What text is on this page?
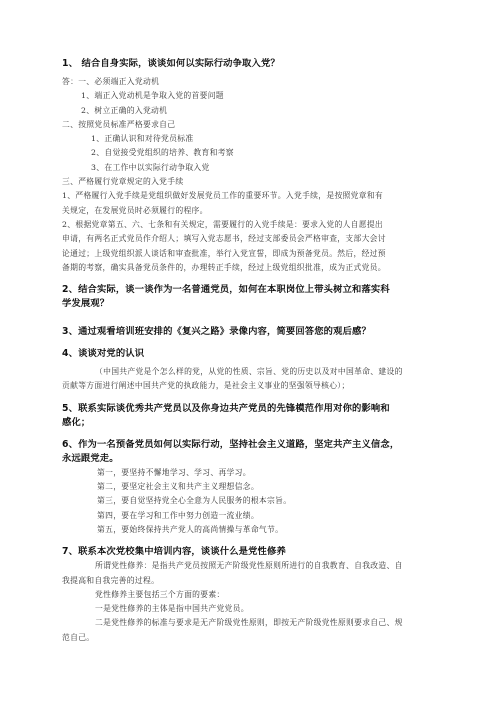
1、 结合自身实际，谈谈如何以实际行动争取入党？

答：一、必须端正入党动机

1、端正入党动机是争取入党的首要问题

2、树立正确的入党动机

二、按照党员标准严格要求自己

1、正确认识和对待党员标准

2、自觉接受党组织的培养、教育和考察

3、在工作中以实际行动争取入党

三、严格履行党章规定的入党手续

1、严格履行入党手续是党组织做好发展党员工作的重要环节。入党手续，是按照党章和有

关规定，在发展党员时必须履行的程序。

2、根据党章第五、六、七条和有关规定，需要履行的入党手续是：要求入党的人自愿提出

申请，有两名正式党员作介绍人；填写入党志愿书，经过支部委员会严格审查，支部大会讨

论通过；上级党组织派人谈话和审查批准，举行入党宣誓，即成为预备党员。然后，经过预

备期的考察，确实具备党员条件的，办理转正手续，经过上级党组织批准，成为正式党员。

2、结合实际，谈一谈作为一名普通党员，如何在本职岗位上带头树立和落实科

学发展观？

3、通过观看培训班安排的《复兴之路》录像内容，简要回答您的观后感？

4、谈谈对党的认识

（中国共产党是个怎么样的党，从党的性质、宗旨、党的历史以及对中国革命、建设的

贡献等方面进行阐述中国共产党的执政能力，是社会主义事业的坚强领导核心）；

5、联系实际谈优秀共产党员以及你身边共产党员的先锋模范作用对你的影响和

感化；

6、作为一名预备党员如何以实际行动，坚持社会主义道路，坚定共产主义信念，

永远跟党走。

第一，要坚持不懈地学习、学习、再学习。

第二，要坚定社会主义和共产主义理想信念。

第三，要自觉坚持党全心全意为人民服务的根本宗旨。

第四，要在学习和工作中努力创造一流业绩。

第五，要始终保持共产党人的高尚情操与革命气节。

7、联系本次党校集中培训内容，谈谈什么是党性修养

所谓党性修养：是指共产党员按照无产阶级党性原则所进行的自我教育、自我改造、自

我提高和自我完善的过程。

党性修养主要包括三个方面的要素：

一是党性修养的主体是指中国共产党党员。

二是党性修养的标准与要求是无产阶级党性原则，即按无产阶级党性原则要求自己、规

范自己。
